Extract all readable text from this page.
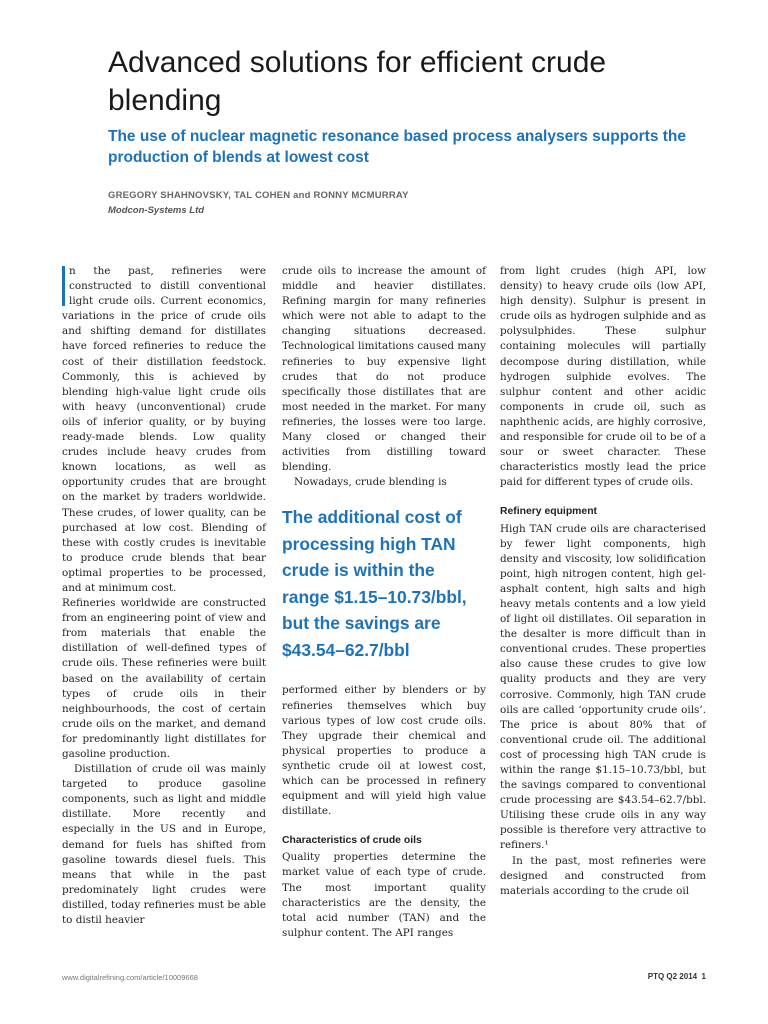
Advanced solutions for efficient crude blending
The use of nuclear magnetic resonance based process analysers supports the production of blends at lowest cost
GREGORY SHAHNOVSKY, TAL COHEN and RONNY MCMURRAY
Modcon-Systems Ltd

n the past, refineries were constructed to distill conventional light crude oils. Current economics, variations in the price of crude oils and shifting demand for distillates have forced refineries to reduce the cost of their distillation feedstock. Commonly, this is achieved by blending high-value light crude oils with heavy (unconventional) crude oils of inferior quality, or by buying ready-made blends. Low quality crudes include heavy crudes from known locations, as well as opportunity crudes that are brought on the market by traders worldwide. These crudes, of lower quality, can be purchased at low cost. Blending of these with costly crudes is inevitable to produce crude blends that bear optimal properties to be processed, and at minimum cost.

Refineries worldwide are constructed from an engineering point of view and from materials that enable the distillation of well-defined types of crude oils. These refineries were built based on the availability of certain types of crude oils in their neighbourhoods, the cost of certain crude oils on the market, and demand for predominantly light distillates for gasoline production.

Distillation of crude oil was mainly targeted to produce gasoline components, such as light and middle distillate. More recently and especially in the US and in Europe, demand for fuels has shifted from gasoline towards diesel fuels. This means that while in the past predominately light crudes were distilled, today refineries must be able to distil heavier

crude oils to increase the amount of middle and heavier distillates. Refining margin for many refineries which were not able to adapt to the changing situations decreased. Technological limitations caused many refineries to buy expensive light crudes that do not produce specifically those distillates that are most needed in the market. For many refineries, the losses were too large. Many closed or changed their activities from distilling toward blending.

Nowadays, crude blending is

The additional cost of processing high TAN crude is within the range $1.15–10.73/bbl, but the savings are $43.54–62.7/bbl

performed either by blenders or by refineries themselves which buy various types of low cost crude oils. They upgrade their chemical and physical properties to produce a synthetic crude oil at lowest cost, which can be processed in refinery equipment and will yield high value distillate.

Characteristics of crude oils

Quality properties determine the market value of each type of crude. The most important quality characteristics are the density, the total acid number (TAN) and the sulphur content. The API ranges

from light crudes (high API, low density) to heavy crude oils (low API, high density). Sulphur is present in crude oils as hydrogen sulphide and as polysulphides. These sulphur containing molecules will partially decompose during distillation, while hydrogen sulphide evolves. The sulphur content and other acidic components in crude oil, such as naphthenic acids, are highly corrosive, and responsible for crude oil to be of a sour or sweet character. These characteristics mostly lead the price paid for different types of crude oils.

Refinery equipment

High TAN crude oils are characterised by fewer light components, high density and viscosity, low solidification point, high nitrogen content, high gel-asphalt content, high salts and high heavy metals contents and a low yield of light oil distillates. Oil separation in the desalter is more difficult than in conventional crudes. These properties also cause these crudes to give low quality products and they are very corrosive. Commonly, high TAN crude oils are called ‘opportunity crude oils’. The price is about 80% that of conventional crude oil. The additional cost of processing high TAN crude is within the range $1.15–10.73/bbl, but the savings compared to conventional crude processing are $43.54–62.7/bbl. Utilising these crude oils in any way possible is therefore very attractive to refiners.¹

In the past, most refineries were designed and constructed from materials according to the crude oil

www.digitalrefining.com/article/10009668	PTQ Q2 2014 1
